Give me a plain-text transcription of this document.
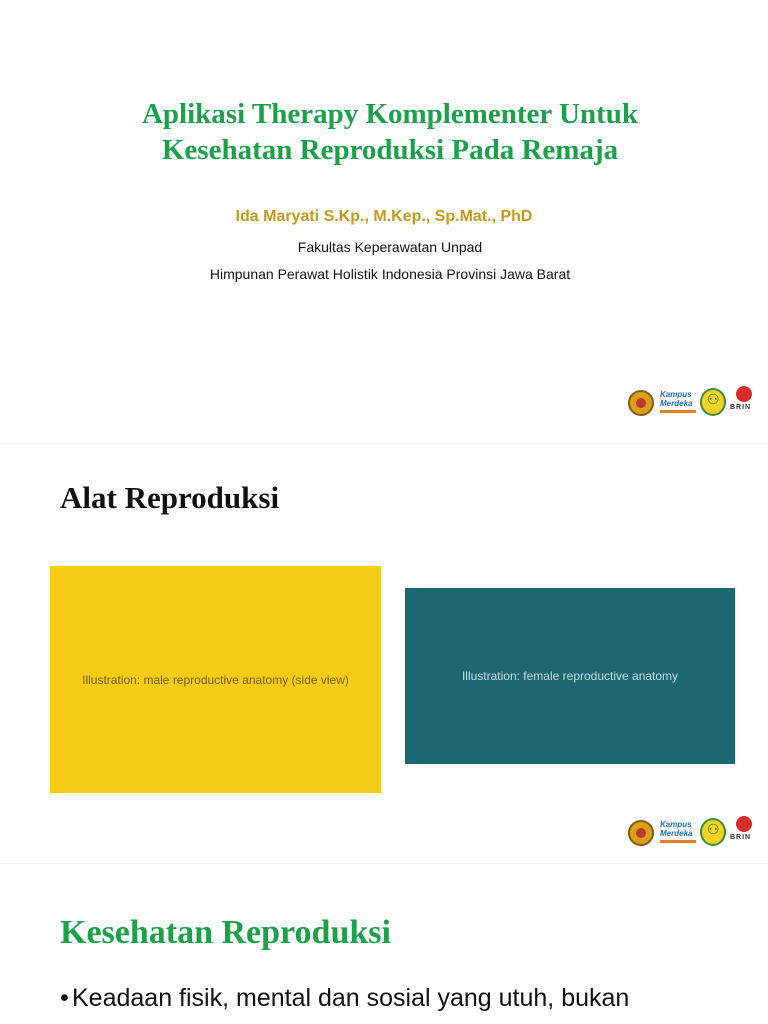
Aplikasi Therapy Komplementer Untuk
Kesehatan Reproduksi Pada Remaja
Ida Maryati S.Kp., M.Kep., Sp.Mat., PhD
Fakultas Keperawatan Unpad
Himpunan Perawat Holistik Indonesia Provinsi Jawa Barat
Kampus Merdeka ⚇	BRIN
Alat Reproduksi
Illustration: male reproductive anatomy (side view)	Illustration: female reproductive anatomy
Kampus Merdeka ⚇	BRIN
Kesehatan Reproduksi
• Keadaan fisik, mental dan sosial yang utuh, bukan
